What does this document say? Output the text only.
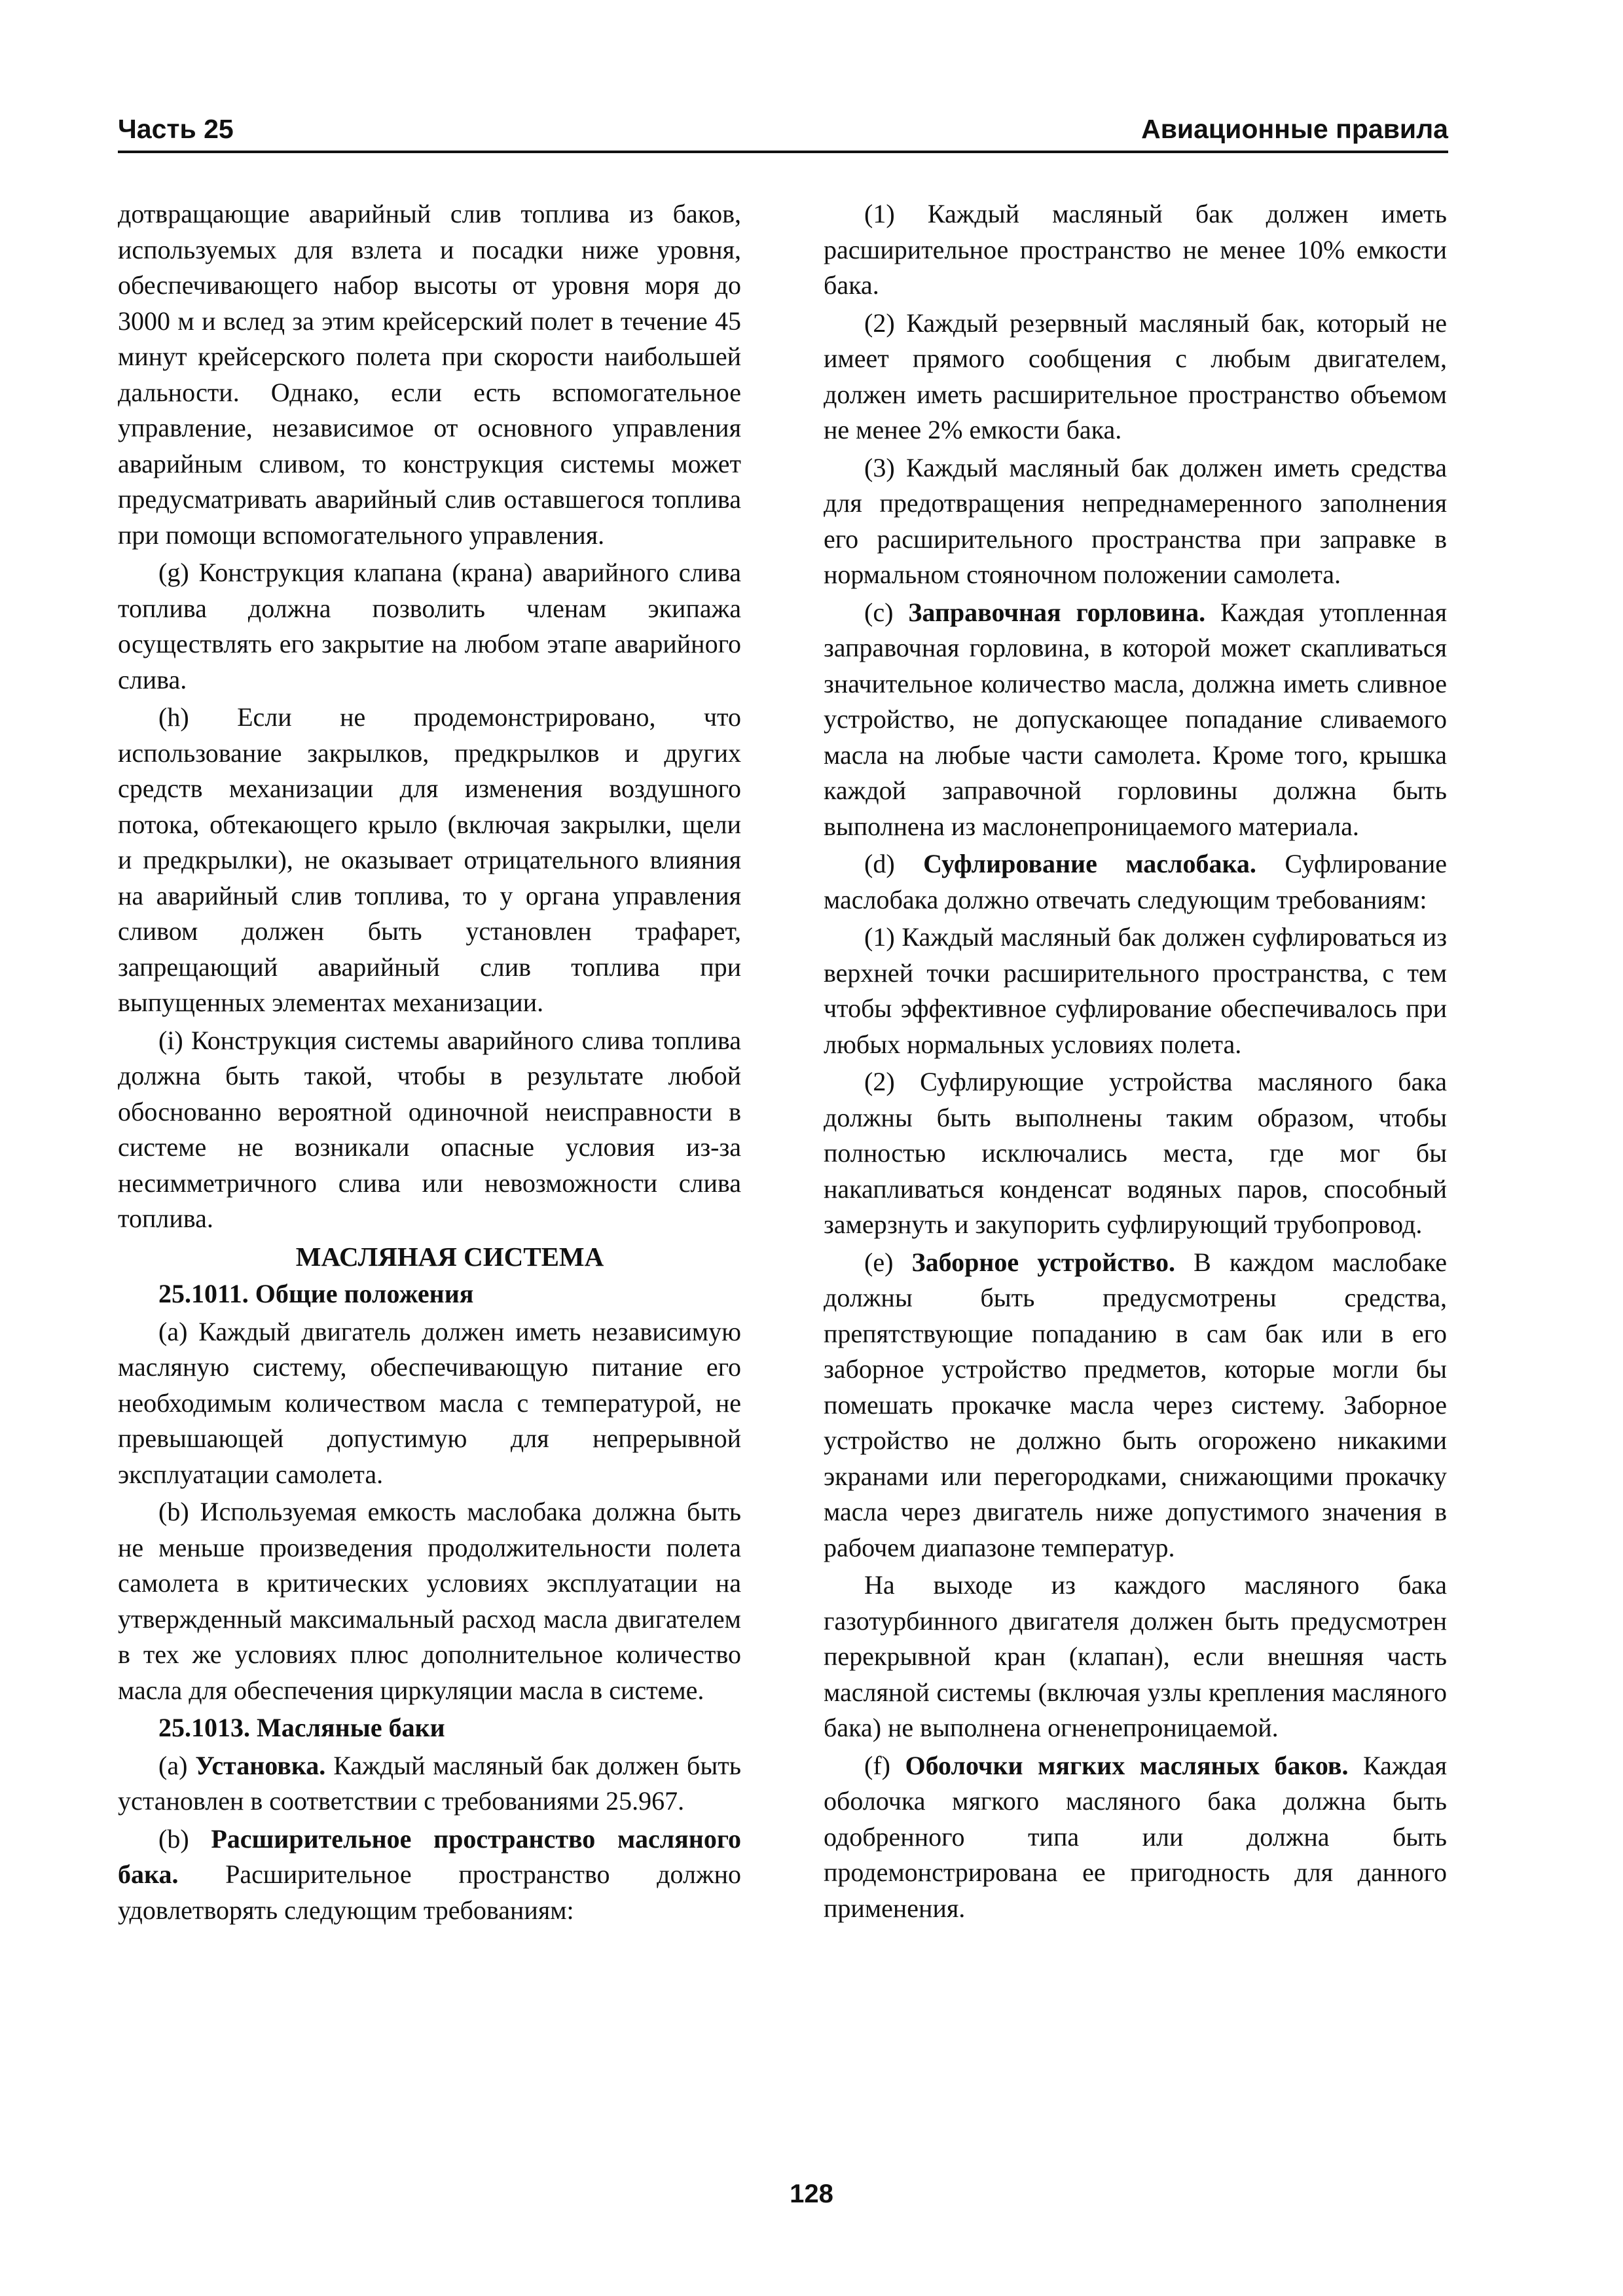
Часть 25	Авиационные правила

дотвращающие аварийный слив топлива из баков, используемых для взлета и посадки ниже уровня, обеспечивающего набор высоты от уровня моря до 3000 м и вслед за этим крейсерский полет в течение 45 минут крейсерского полета при скорости наибольшей дальности. Однако, если есть вспомогательное управление, независимое от основного управления аварийным сливом, то конструкция системы может предусматривать аварийный слив оставшегося топлива при помощи вспомогательного управления.

(g) Конструкция клапана (крана) аварийного слива топлива должна позволить членам экипажа осуществлять его закрытие на любом этапе аварийного слива.

(h) Если не продемонстрировано, что использование закрылков, предкрылков и других средств механизации для изменения воздушного потока, обтекающего крыло (включая закрылки, щели и предкрылки), не оказывает отрицательного влияния на аварийный слив топлива, то у органа управления сливом должен быть установлен трафарет, запрещающий аварийный слив топлива при выпущенных элементах механизации.

(i) Конструкция системы аварийного слива топлива должна быть такой, чтобы в результате любой обоснованно вероятной одиночной неисправности в системе не возникали опасные условия из-за несимметричного слива или невозможности слива топлива.

МАСЛЯНАЯ СИСТЕМА

25.1011. Общие положения

(а) Каждый двигатель должен иметь независимую масляную систему, обеспечивающую питание его необходимым количеством масла с температурой, не превышающей допустимую для непрерывной эксплуатации самолета.

(b) Используемая емкость маслобака должна быть не меньше произведения продолжительности полета самолета в критических условиях эксплуатации на утвержденный максимальный расход масла двигателем в тех же условиях плюс дополнительное количество масла для обеспечения циркуляции масла в системе.

25.1013. Масляные баки

(а) Установка. Каждый масляный бак должен быть установлен в соответствии с требованиями 25.967.

(b) Расширительное пространство масляного бака. Расширительное пространство должно удовлетворять следующим требованиям:

(1) Каждый масляный бак должен иметь расширительное пространство не менее 10% емкости бака.

(2) Каждый резервный масляный бак, который не имеет прямого сообщения с любым двигателем, должен иметь расширительное пространство объемом не менее 2% емкости бака.

(3) Каждый масляный бак должен иметь средства для предотвращения непреднамеренного заполнения его расширительного пространства при заправке в нормальном стояночном положении самолета.

(с) Заправочная горловина. Каждая утопленная заправочная горловина, в которой может скапливаться значительное количество масла, должна иметь сливное устройство, не допускающее попадание сливаемого масла на любые части самолета. Кроме того, крышка каждой заправочной горловины должна быть выполнена из маслонепроницаемого материала.

(d) Суфлирование маслобака. Суфлирование маслобака должно отвечать следующим требованиям:

(1) Каждый масляный бак должен суфлироваться из верхней точки расширительного пространства, с тем чтобы эффективное суфлирование обеспечивалось при любых нормальных условиях полета.

(2) Суфлирующие устройства масляного бака должны быть выполнены таким образом, чтобы полностью исключались места, где мог бы накапливаться конденсат водяных паров, способный замерзнуть и закупорить суфлирующий трубопровод.

(е) Заборное устройство. В каждом маслобаке должны быть предусмотрены средства, препятствующие попаданию в сам бак или в его заборное устройство предметов, которые могли бы помешать прокачке масла через систему. Заборное устройство не должно быть огорожено никакими экранами или перегородками, снижающими прокачку масла через двигатель ниже допустимого значения в рабочем диапазоне температур.

На выходе из каждого масляного бака газотурбинного двигателя должен быть предусмотрен перекрывной кран (клапан), если внешняя часть масляной системы (включая узлы крепления масляного бака) не выполнена огненепроницаемой.

(f) Оболочки мягких масляных баков. Каждая оболочка мягкого масляного бака должна быть одобренного типа или должна быть продемонстрирована ее пригодность для данного применения.

128
